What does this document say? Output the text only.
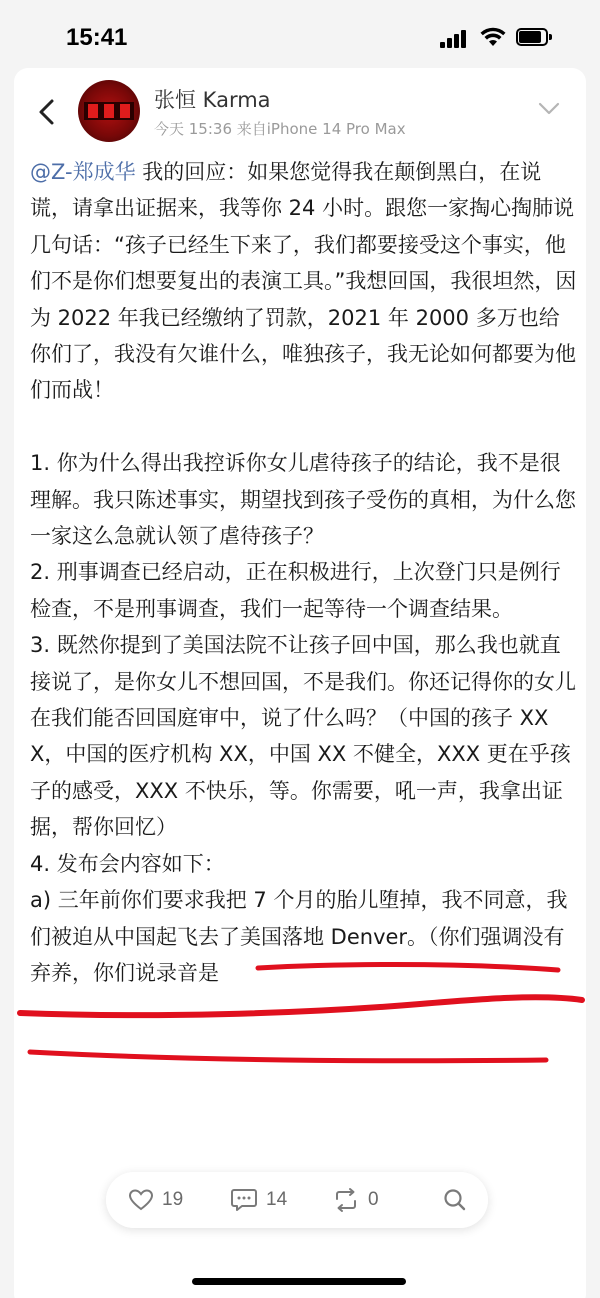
15:41
张恒 Karma
今天 15:36 来自iPhone 14 Pro Max

@Z-郑成华 我的回应：如果您觉得我在颠倒黑白，在说谎，请拿出证据来，我等你 24 小时。跟您一家掏心掏肺说几句话：“孩子已经生下来了，我们都要接受这个事实，他们不是你们想要复出的表演工具。”我想回国，我很坦然，因为 2022 年我已经缴纳了罚款，2021 年 2000 多万也给你们了，我没有欠谁什么，唯独孩子，我无论如何都要为他们而战！

1. 你为什么得出我控诉你女儿虐待孩子的结论，我不是很理解。我只陈述事实，期望找到孩子受伤的真相，为什么您一家这么急就认领了虐待孩子？

2. 刑事调查已经启动，正在积极进行，上次登门只是例行检查，不是刑事调查，我们一起等待一个调查结果。

3. 既然你提到了美国法院不让孩子回中国，那么我也就直接说了，是你女儿不想回国，不是我们。你还记得你的女儿在我们能否回国庭审中，说了什么吗？（中国的孩子 XXX，中国的医疗机构 XX，中国 XX 不健全，XXX 更在乎孩子的感受，XXX 不快乐，等。你需要，吼一声，我拿出证据，帮你回忆）

4. 发布会内容如下：

a) 三年前你们要求我把 7 个月的胎儿堕掉，我不同意，我们被迫从中国起飞去了美国落地 Denver。（你们强调没有弃养，你们说录音是

19	14	0
